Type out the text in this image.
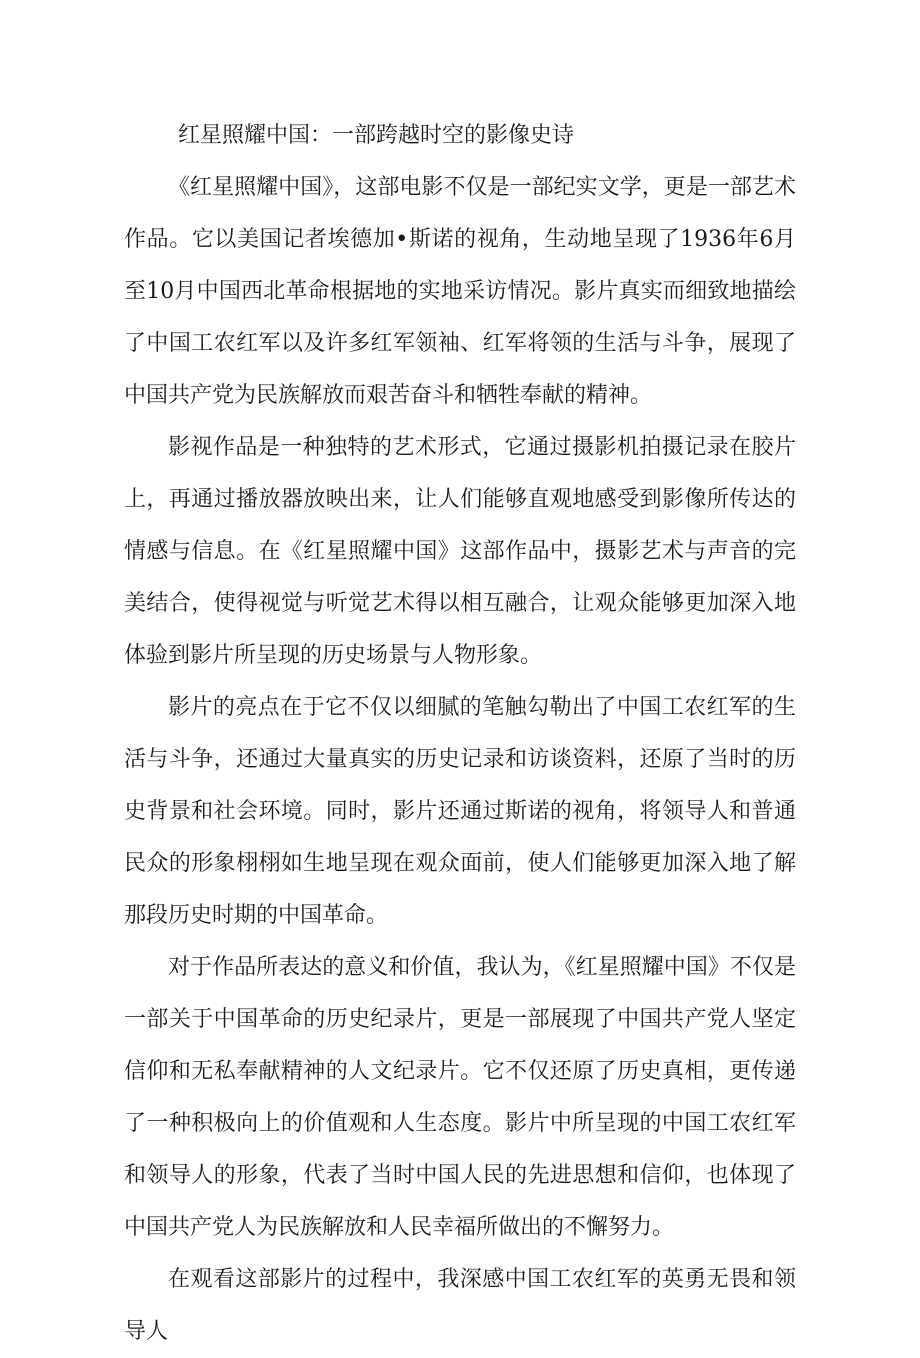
红星照耀中国：一部跨越时空的影像史诗

《红星照耀中国》，这部电影不仅是一部纪实文学，更是一部艺术作品。它以美国记者埃德加•斯诺的视角，生动地呈现了1936年6月至10月中国西北革命根据地的实地采访情况。影片真实而细致地描绘了中国工农红军以及许多红军领袖、红军将领的生活与斗争，展现了中国共产党为民族解放而艰苦奋斗和牺牲奉献的精神。

影视作品是一种独特的艺术形式，它通过摄影机拍摄记录在胶片上，再通过播放器放映出来，让人们能够直观地感受到影像所传达的情感与信息。在《红星照耀中国》这部作品中，摄影艺术与声音的完美结合，使得视觉与听觉艺术得以相互融合，让观众能够更加深入地体验到影片所呈现的历史场景与人物形象。

影片的亮点在于它不仅以细腻的笔触勾勒出了中国工农红军的生活与斗争，还通过大量真实的历史记录和访谈资料，还原了当时的历史背景和社会环境。同时，影片还通过斯诺的视角，将领导人和普通民众的形象栩栩如生地呈现在观众面前，使人们能够更加深入地了解那段历史时期的中国革命。

对于作品所表达的意义和价值，我认为，《红星照耀中国》不仅是一部关于中国革命的历史纪录片，更是一部展现了中国共产党人坚定信仰和无私奉献精神的人文纪录片。它不仅还原了历史真相，更传递了一种积极向上的价值观和人生态度。影片中所呈现的中国工农红军和领导人的形象，代表了当时中国人民的先进思想和信仰，也体现了中国共产党人为民族解放和人民幸福所做出的不懈努力。

在观看这部影片的过程中，我深感中国工农红军的英勇无畏和领导人
